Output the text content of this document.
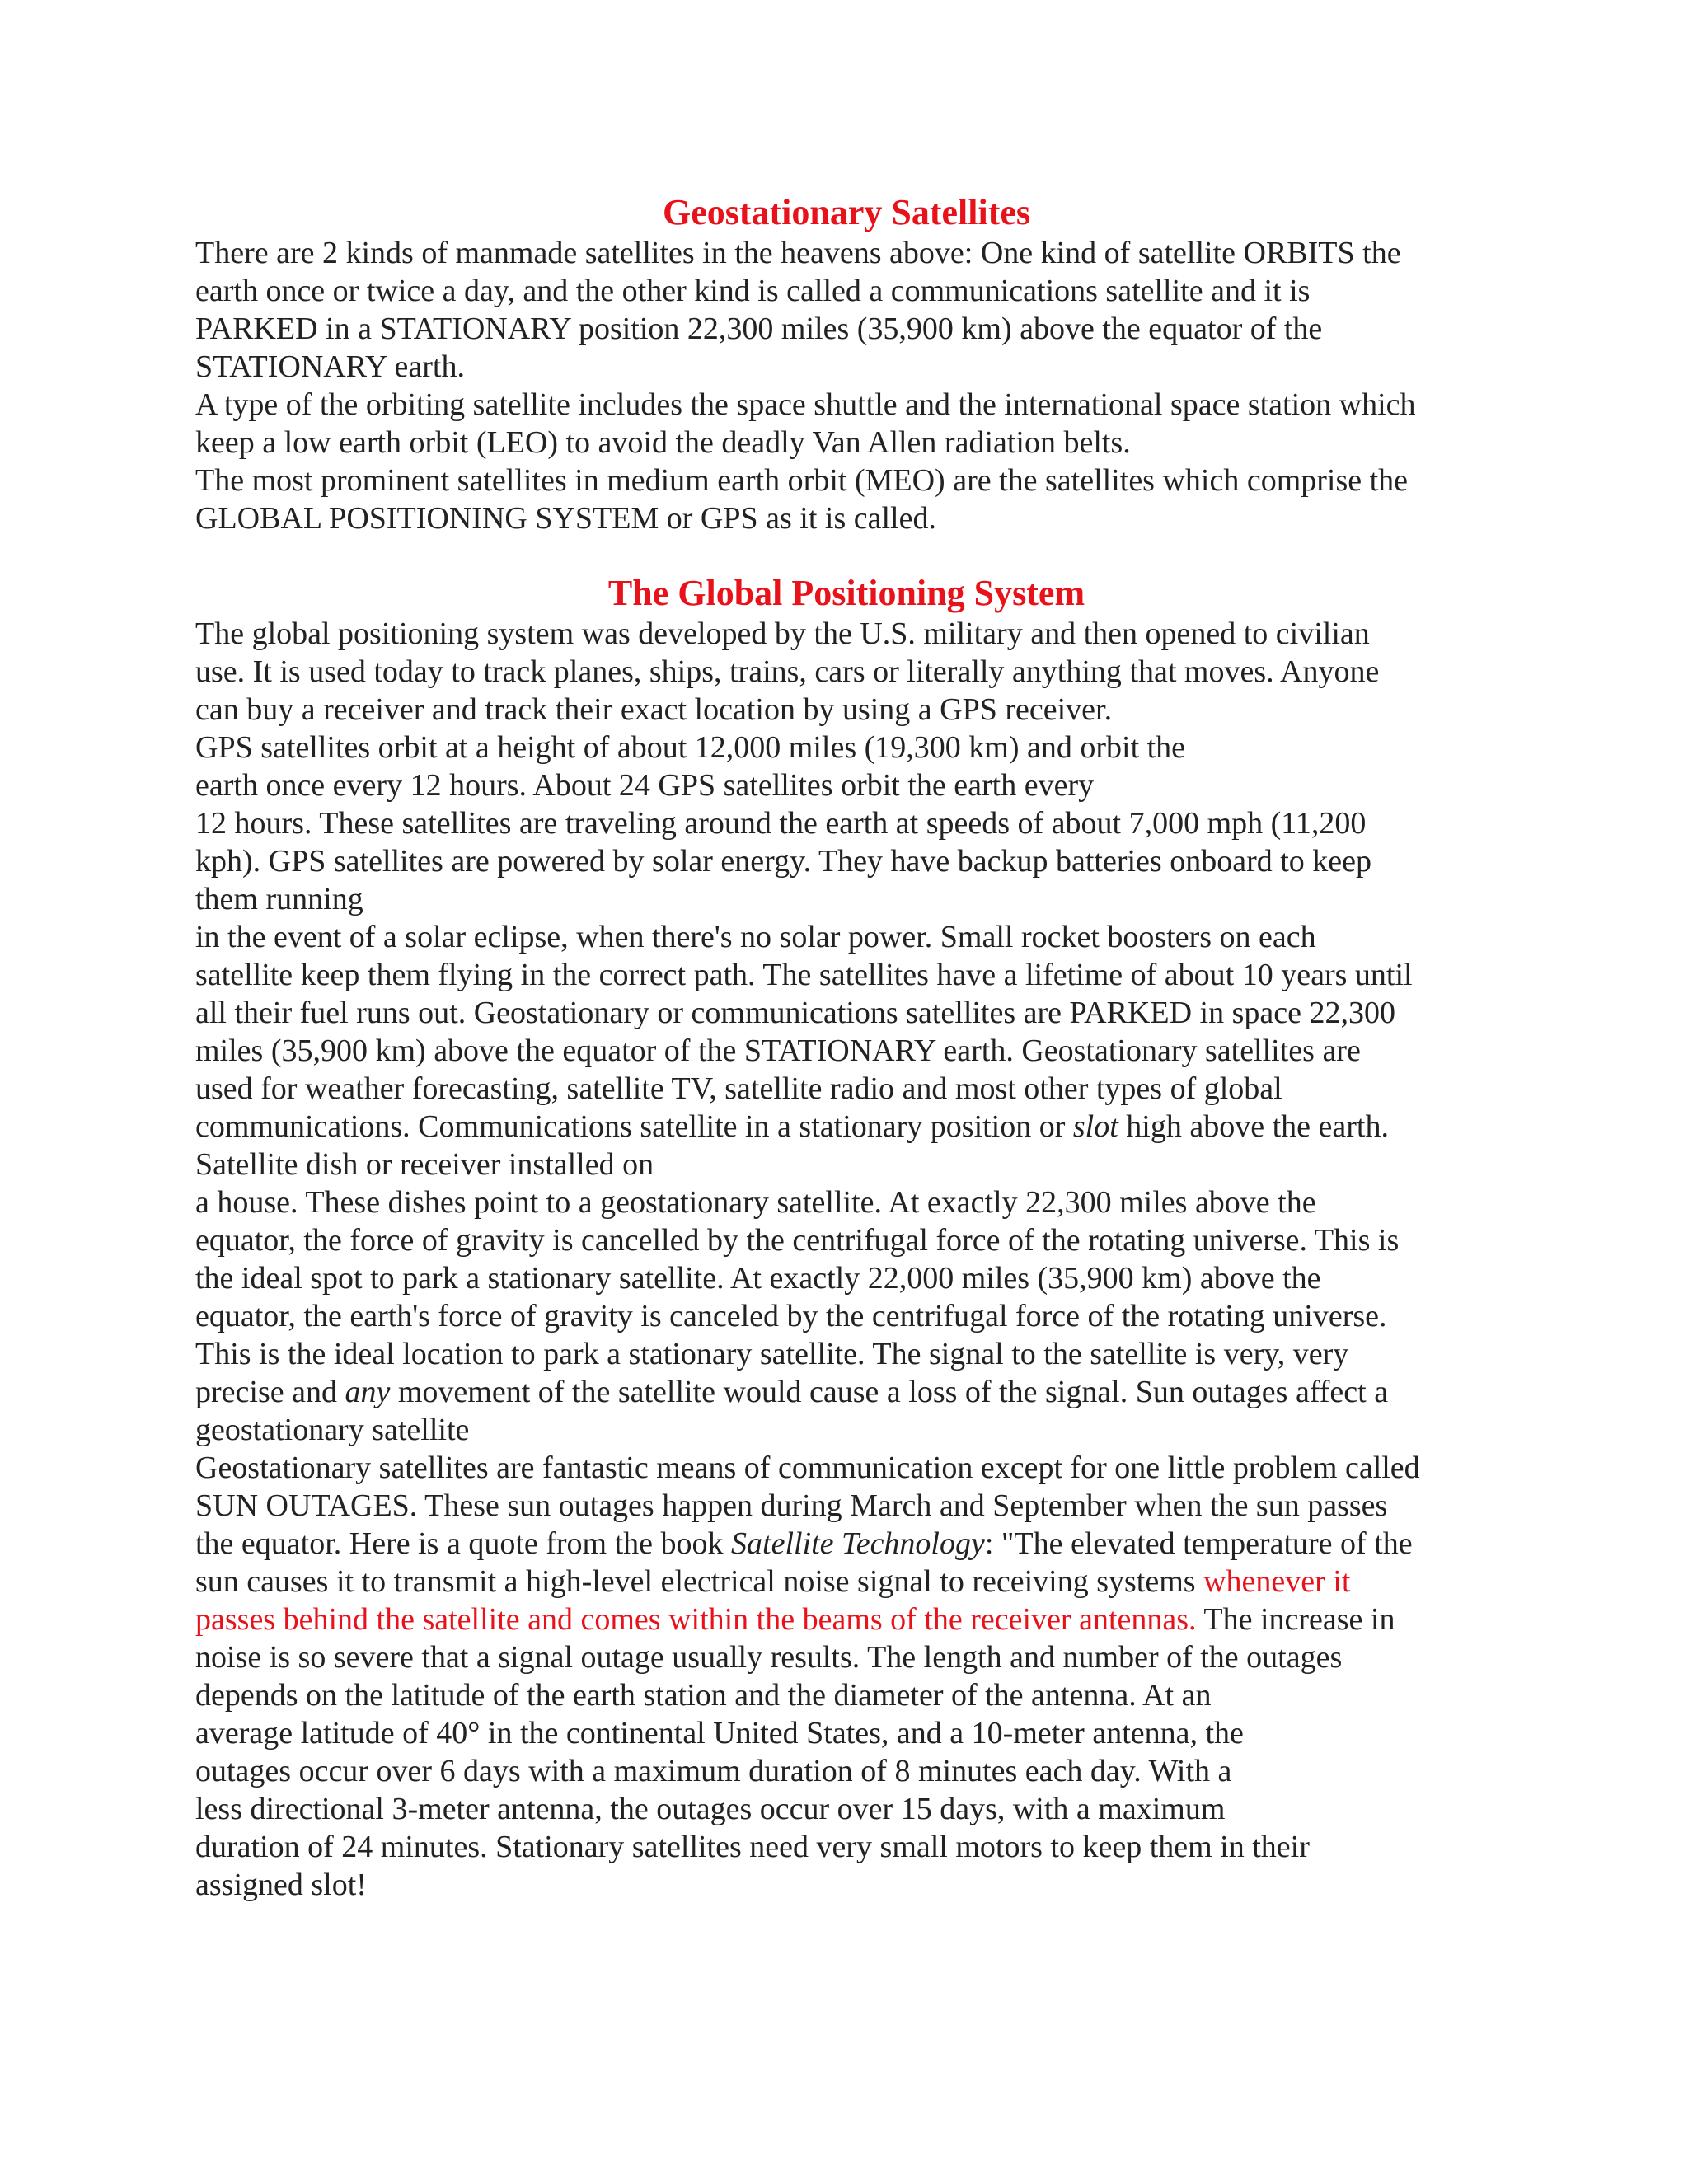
Geostationary Satellites
There are 2 kinds of manmade satellites in the heavens above: One kind of satellite ORBITS the
earth once or twice a day, and the other kind is called a communications satellite and it is
PARKED in a STATIONARY position 22,300 miles (35,900 km) above the equator of the
STATIONARY earth.
A type of the orbiting satellite includes the space shuttle and the international space station which
keep a low earth orbit (LEO) to avoid the deadly Van Allen radiation belts.
The most prominent satellites in medium earth orbit (MEO) are the satellites which comprise the
GLOBAL POSITIONING SYSTEM or GPS as it is called.
The Global Positioning System
The global positioning system was developed by the U.S. military and then opened to civilian
use. It is used today to track planes, ships, trains, cars or literally anything that moves. Anyone
can buy a receiver and track their exact location by using a GPS receiver.
GPS satellites orbit at a height of about 12,000 miles (19,300 km) and orbit the
earth once every 12 hours. About 24 GPS satellites orbit the earth every
12 hours. These satellites are traveling around the earth at speeds of about 7,000 mph (11,200
kph). GPS satellites are powered by solar energy. They have backup batteries onboard to keep
them running
in the event of a solar eclipse, when there's no solar power. Small rocket boosters on each
satellite keep them flying in the correct path. The satellites have a lifetime of about 10 years until
all their fuel runs out. Geostationary or communications satellites are PARKED in space 22,300
miles (35,900 km) above the equator of the STATIONARY earth. Geostationary satellites are
used for weather forecasting, satellite TV, satellite radio and most other types of global
communications. Communications satellite in a stationary position or slot high above the earth.
Satellite dish or receiver installed on
a house. These dishes point to a geostationary satellite. At exactly 22,300 miles above the
equator, the force of gravity is cancelled by the centrifugal force of the rotating universe. This is
the ideal spot to park a stationary satellite. At exactly 22,000 miles (35,900 km) above the
equator, the earth's force of gravity is canceled by the centrifugal force of the rotating universe.
This is the ideal location to park a stationary satellite. The signal to the satellite is very, very
precise and any movement of the satellite would cause a loss of the signal. Sun outages affect a
geostationary satellite
Geostationary satellites are fantastic means of communication except for one little problem called
SUN OUTAGES. These sun outages happen during March and September when the sun passes
the equator. Here is a quote from the book Satellite Technology: "The elevated temperature of the
sun causes it to transmit a high-level electrical noise signal to receiving systems whenever it
passes behind the satellite and comes within the beams of the receiver antennas. The increase in
noise is so severe that a signal outage usually results. The length and number of the outages
depends on the latitude of the earth station and the diameter of the antenna. At an
average latitude of 40° in the continental United States, and a 10-meter antenna, the
outages occur over 6 days with a maximum duration of 8 minutes each day. With a
less directional 3-meter antenna, the outages occur over 15 days, with a maximum
duration of 24 minutes. Stationary satellites need very small motors to keep them in their
assigned slot!
